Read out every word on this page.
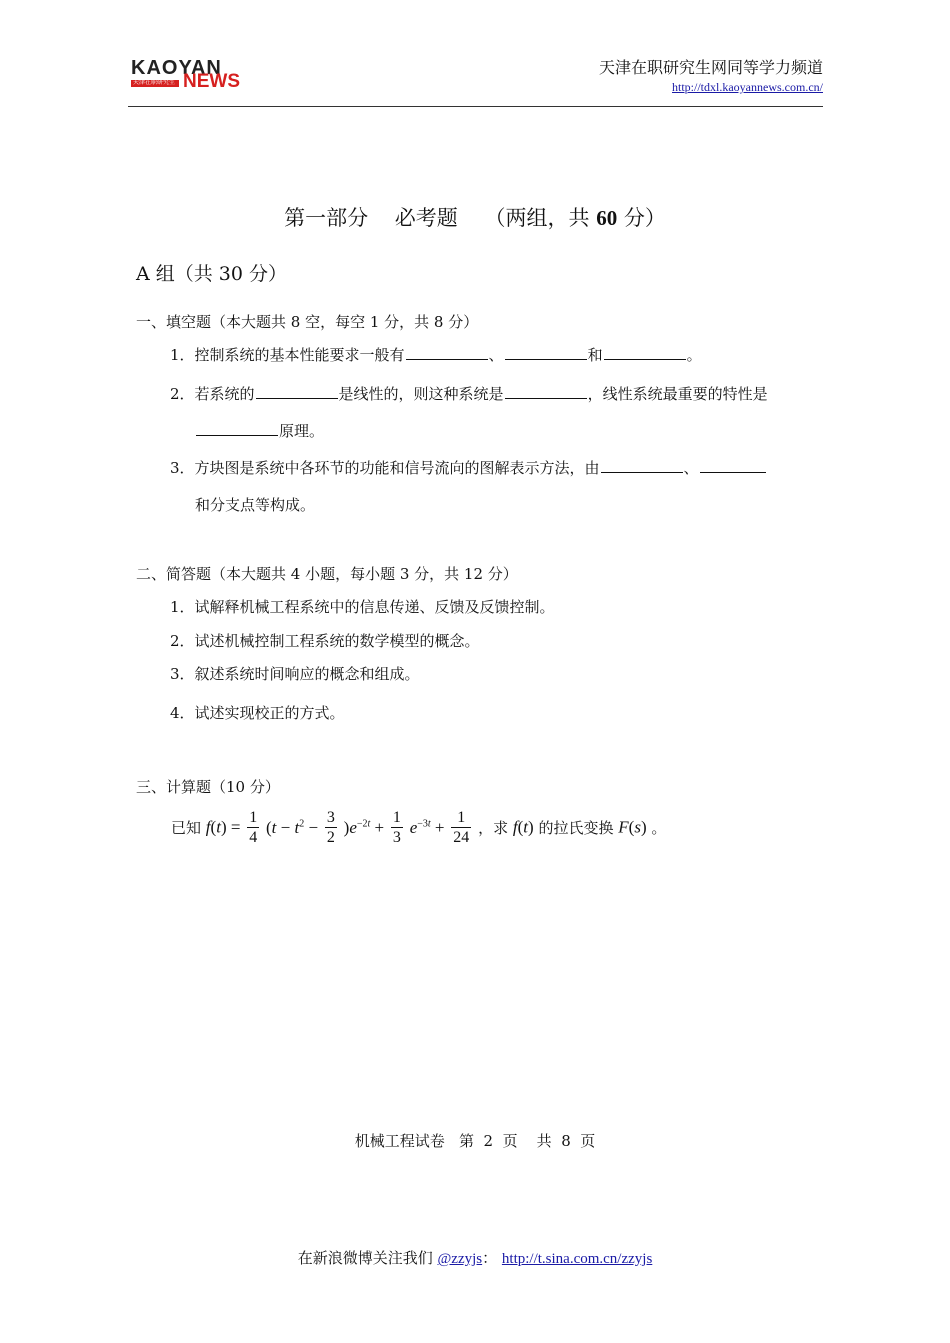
KAOYAN
NEWS
天津在职研究生
天津在职研究生网同等学力频道
http://tdxl.kaoyannews.com.cn/
第一部分    必考题    （两组，共 60 分）
A 组（共 30 分）
一、填空题（本大题共 8 空，每空 1 分，共 8 分）
1．控制系统的基本性能要求一般有	、	和	。
2．若系统的	是线性的，则这种系统是	，线性系统最重要的特性是
原理。
3．方块图是系统中各环节的功能和信号流向的图解表示方法，由	、
和分支点等构成。
二、简答题（本大题共 4 小题，每小题 3 分，共 12 分）
1．试解释机械工程系统中的信息传递、反馈及反馈控制。
2．试述机械控制工程系统的数学模型的概念。
3．叙述系统时间响应的概念和组成。
4．试述实现校正的方式。
三、计算题（10 分）
已知 $f(t) = \frac{1}{4} (t - t^2 - \frac{3}{2} )e^{-2t} + \frac{1}{3} e^{-3t} + \frac{1}{24}$ ，求 f(t) 的拉氏变换 F(s) 。
机械工程试卷   第  2  页    共  8  页
在新浪微博关注我们 @zzyjs： http://t.sina.com.cn/zzyjs
